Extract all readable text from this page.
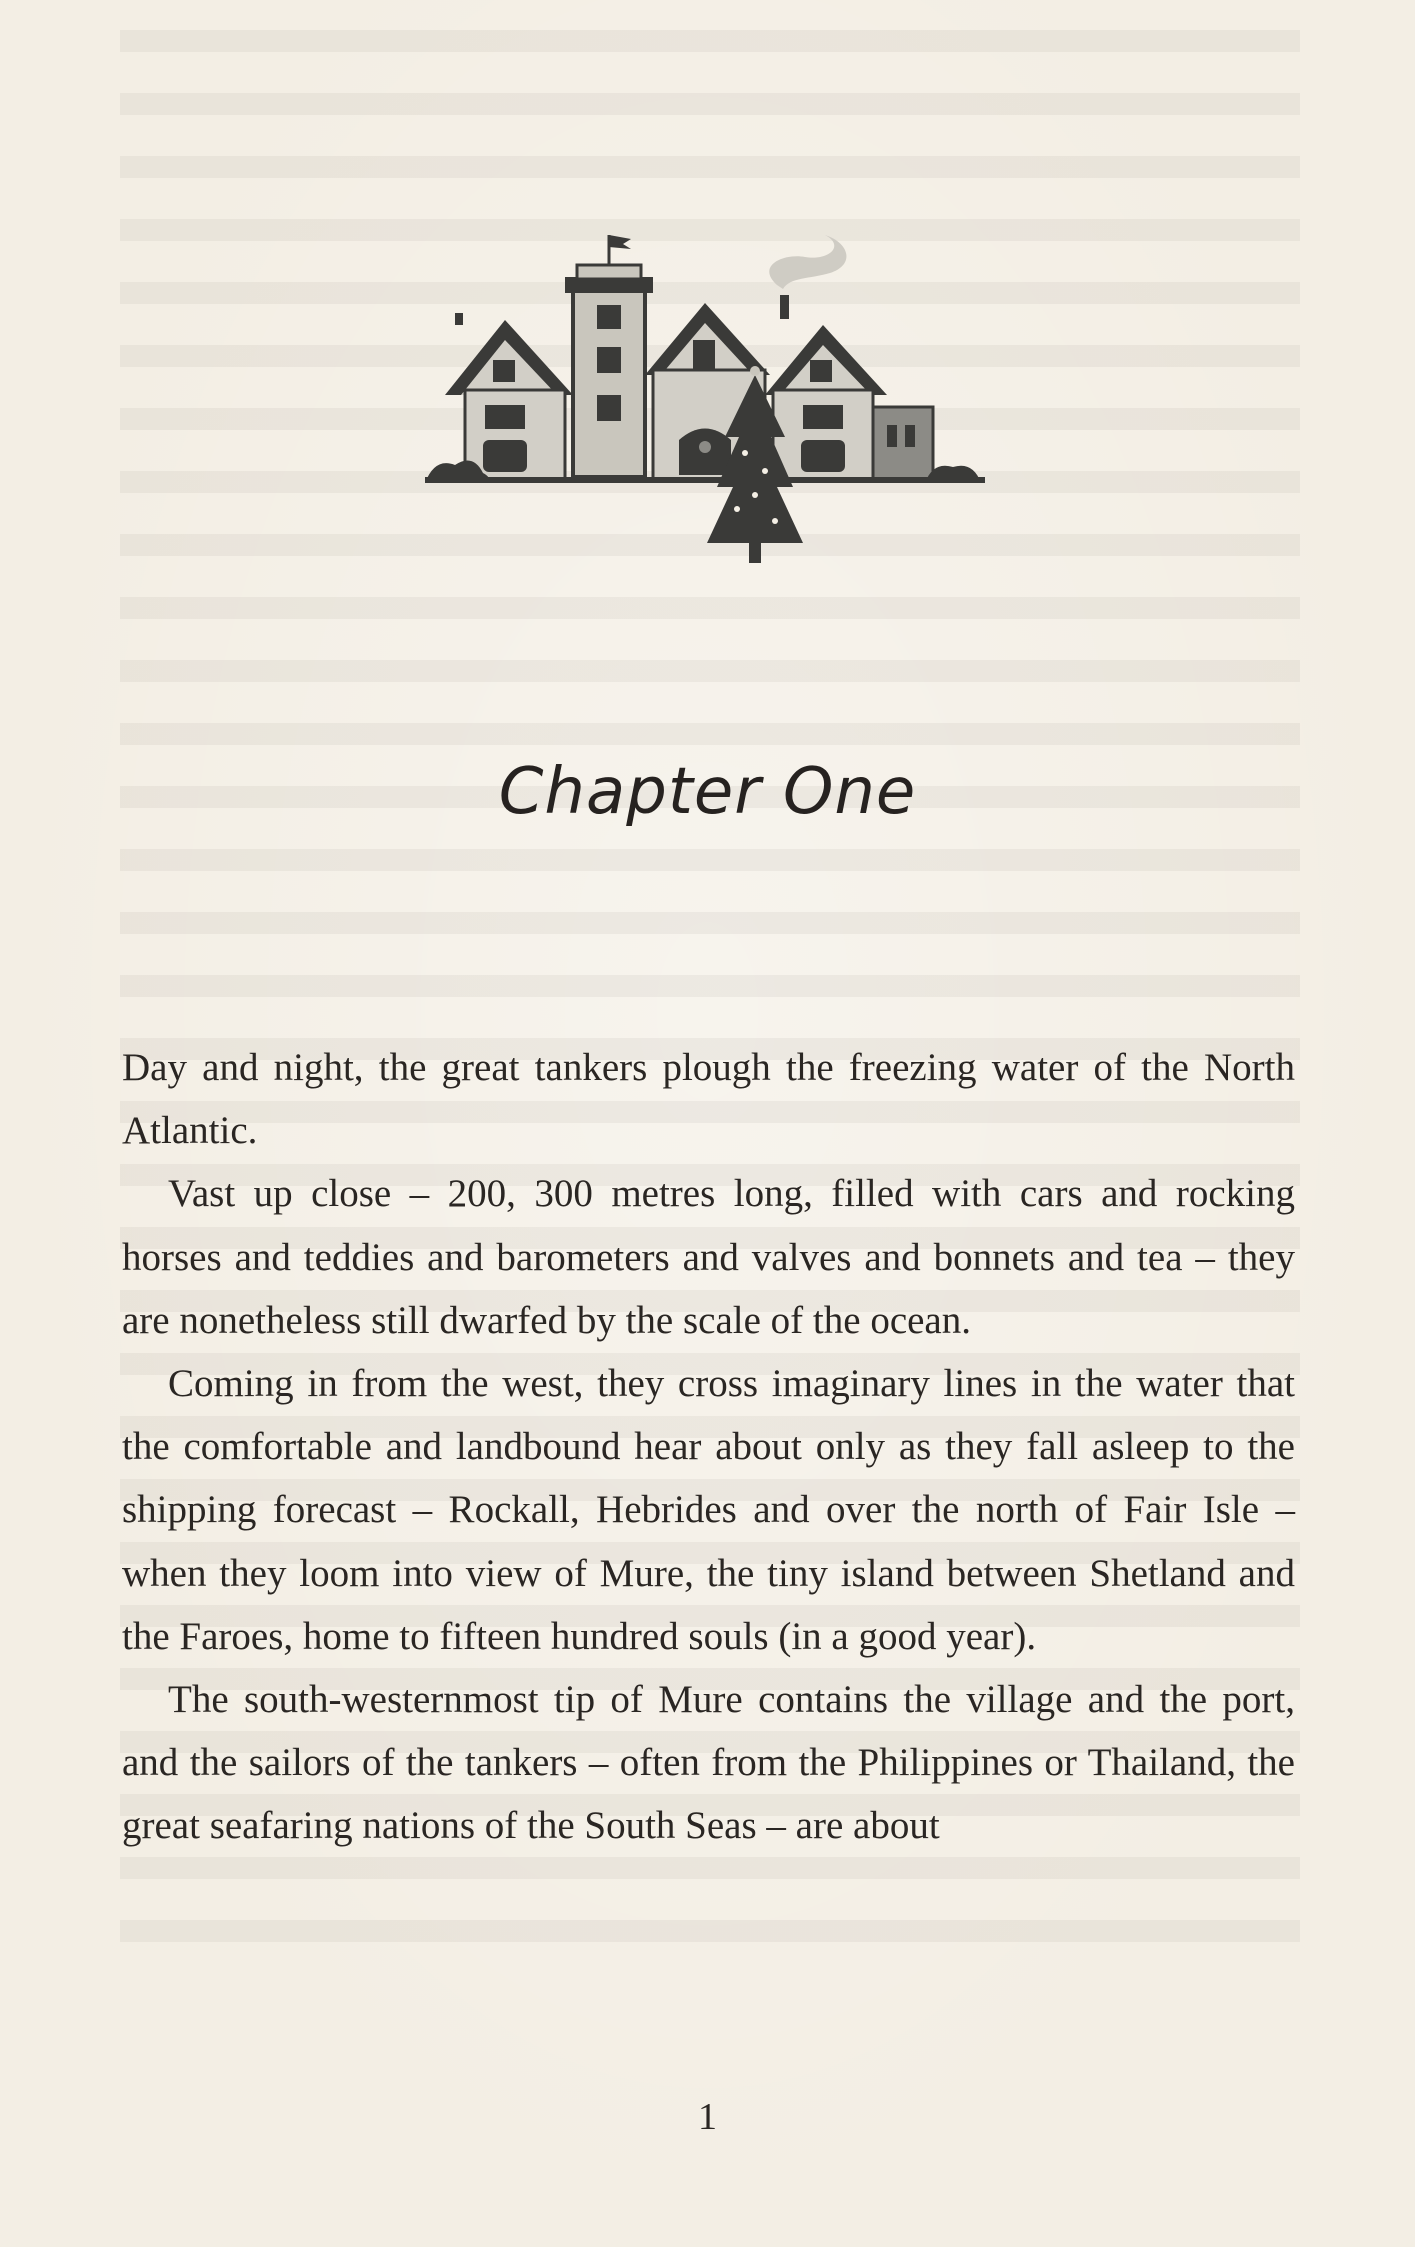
Chapter One

Day and night, the great tankers plough the freezing water of the North Atlantic.

Vast up close – 200, 300 metres long, filled with cars and rocking horses and teddies and barometers and valves and bonnets and tea – they are nonetheless still dwarfed by the scale of the ocean.

Coming in from the west, they cross imaginary lines in the water that the comfortable and landbound hear about only as they fall asleep to the shipping forecast – Rockall, Hebrides and over the north of Fair Isle – when they loom into view of Mure, the tiny island between Shetland and the Faroes, home to fifteen hundred souls (in a good year).

The south-westernmost tip of Mure contains the village and the port, and the sailors of the tankers – often from the Philippines or Thailand, the great seafaring nations of the South Seas – are about

1
